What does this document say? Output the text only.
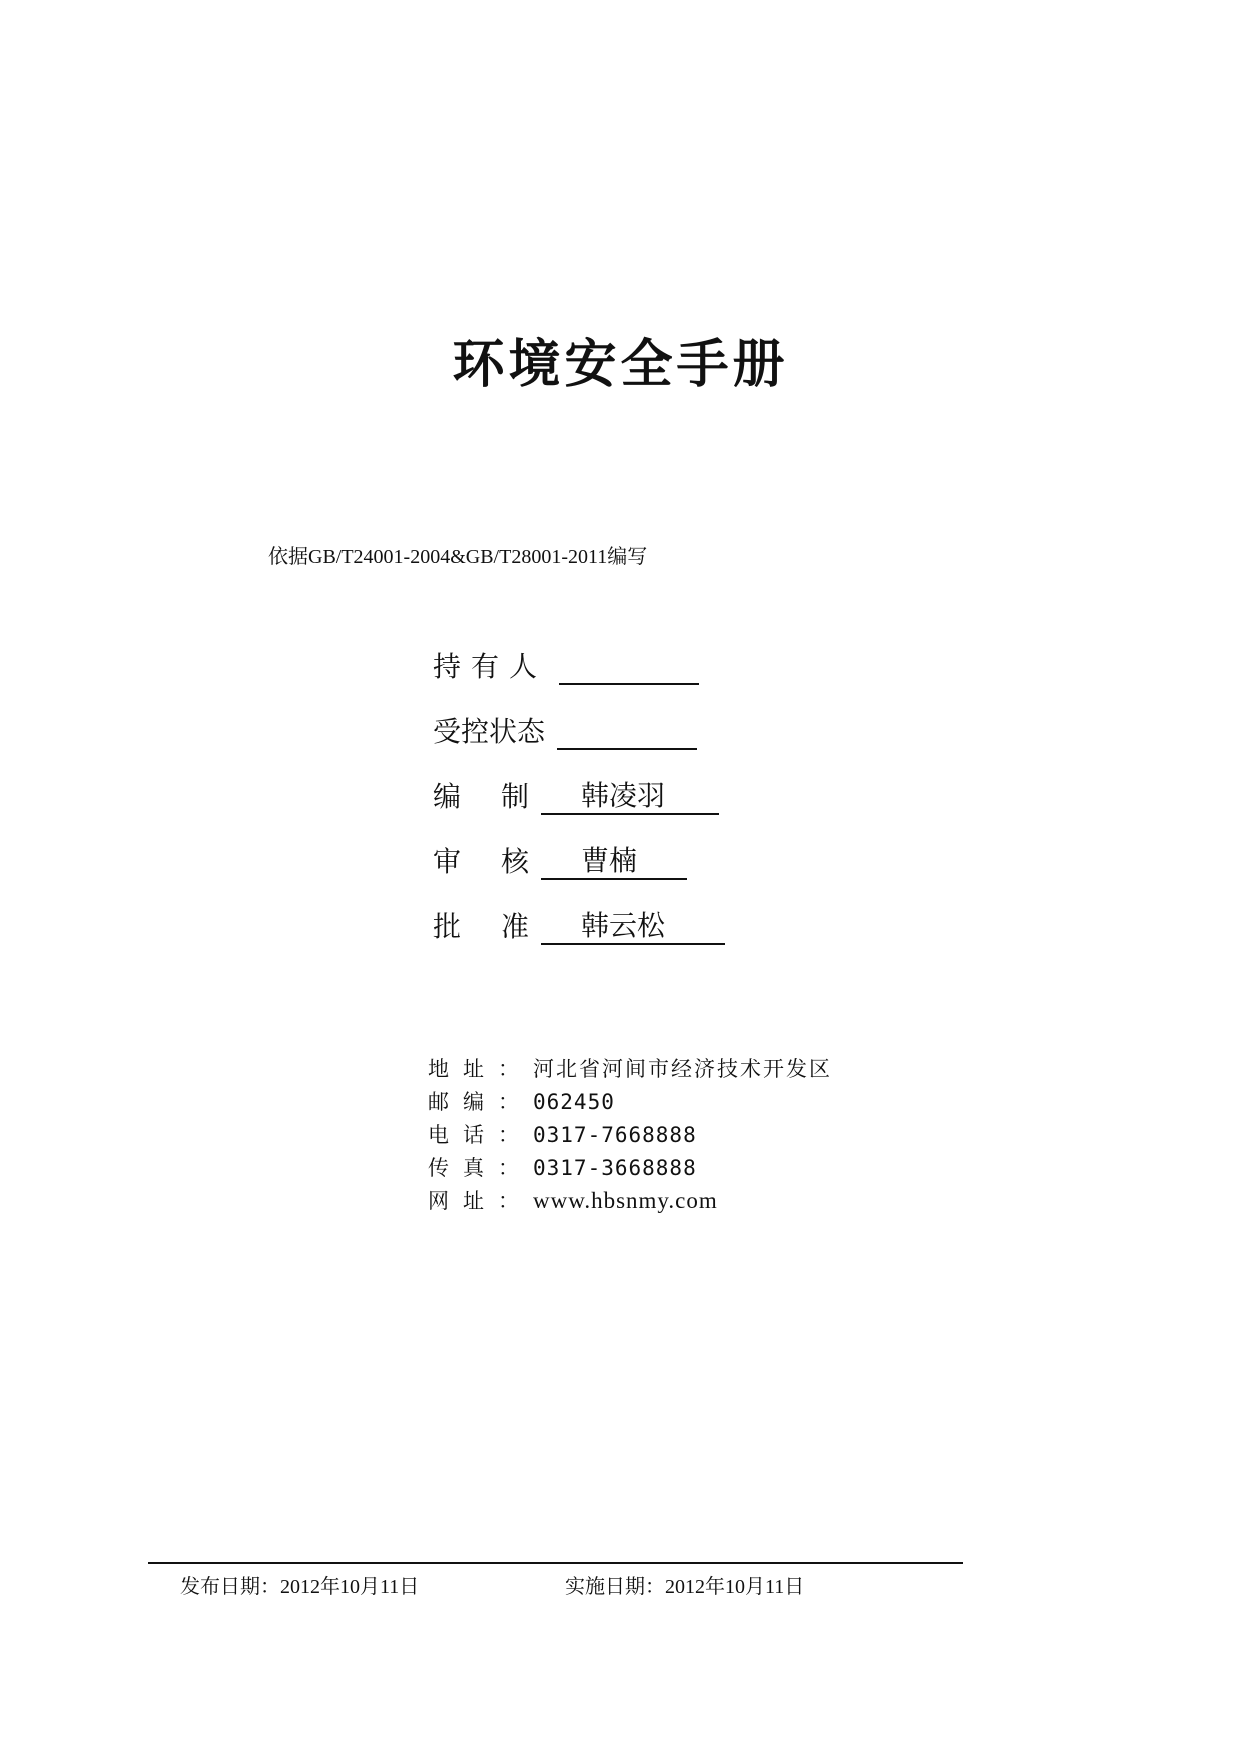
环境安全手册
依据GB/T24001-2004&GB/T28001-2011编写
持有人
受控状态
编制 韩凌羽
审核 曹楠
批准 韩云松
地址：河北省河间市经济技术开发区
邮编：062450
电话：0317-7668888
传真：0317-3668888
网址：www.hbsnmy.com
发布日期：2012年10月11日	实施日期：2012年10月11日
